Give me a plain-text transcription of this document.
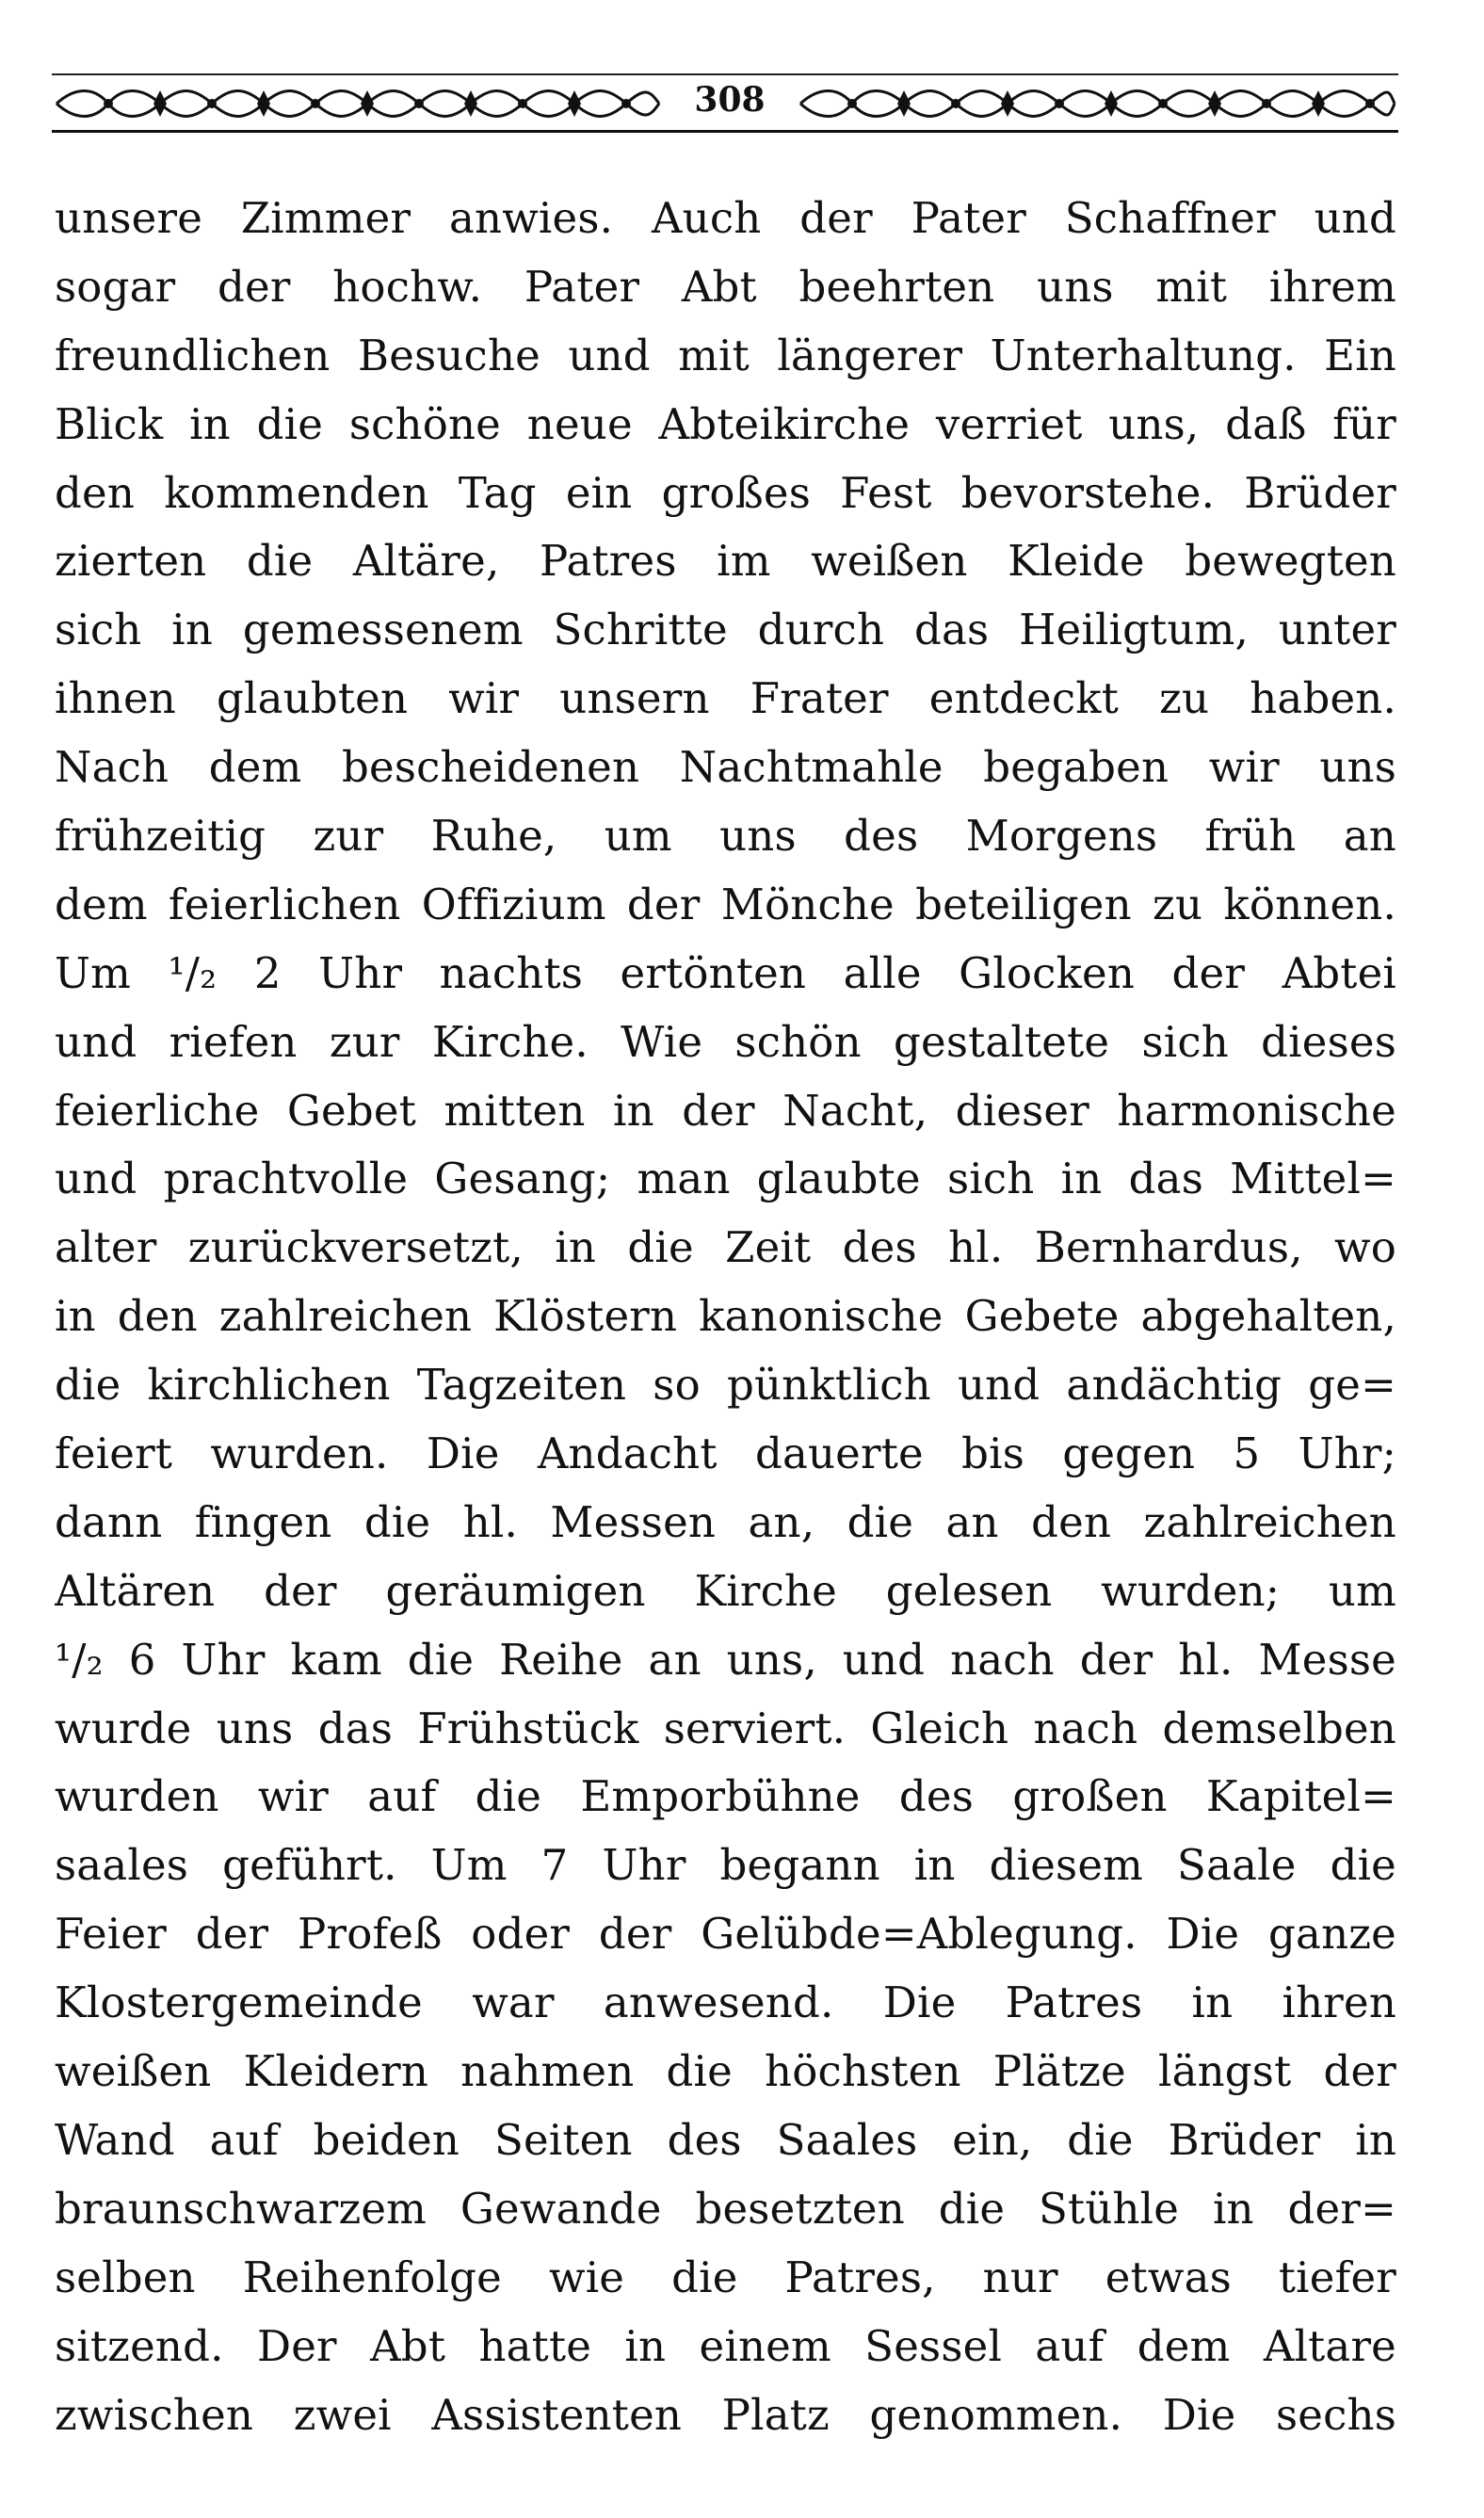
308
unsere Zimmer anwies. Auch der Pater Schaffner und
sogar der hochw. Pater Abt beehrten uns mit ihrem
freundlichen Besuche und mit längerer Unterhaltung. Ein
Blick in die schöne neue Abteikirche verriet uns, daß für
den kommenden Tag ein großes Fest bevorstehe. Brüder
zierten die Altäre, Patres im weißen Kleide bewegten
sich in gemessenem Schritte durch das Heiligtum, unter
ihnen glaubten wir unsern Frater entdeckt zu haben.
Nach dem bescheidenen Nachtmahle begaben wir uns
frühzeitig zur Ruhe, um uns des Morgens früh an
dem feierlichen Offizium der Mönche beteiligen zu können.
Um ¹/₂ 2 Uhr nachts ertönten alle Glocken der Abtei
und riefen zur Kirche. Wie schön gestaltete sich dieses
feierliche Gebet mitten in der Nacht, dieser harmonische
und prachtvolle Gesang; man glaubte sich in das Mittel=
alter zurückversetzt, in die Zeit des hl. Bernhardus, wo
in den zahlreichen Klöstern kanonische Gebete abgehalten,
die kirchlichen Tagzeiten so pünktlich und andächtig ge=
feiert wurden. Die Andacht dauerte bis gegen 5 Uhr;
dann fingen die hl. Messen an, die an den zahlreichen
Altären der geräumigen Kirche gelesen wurden; um
¹/₂ 6 Uhr kam die Reihe an uns, und nach der hl. Messe
wurde uns das Frühstück serviert. Gleich nach demselben
wurden wir auf die Emporbühne des großen Kapitel=
saales geführt. Um 7 Uhr begann in diesem Saale die
Feier der Profeß oder der Gelübde=Ablegung. Die ganze
Klostergemeinde war anwesend. Die Patres in ihren
weißen Kleidern nahmen die höchsten Plätze längst der
Wand auf beiden Seiten des Saales ein, die Brüder in
braunschwarzem Gewande besetzten die Stühle in der=
selben Reihenfolge wie die Patres, nur etwas tiefer
sitzend. Der Abt hatte in einem Sessel auf dem Altare
zwischen zwei Assistenten Platz genommen. Die sechs
